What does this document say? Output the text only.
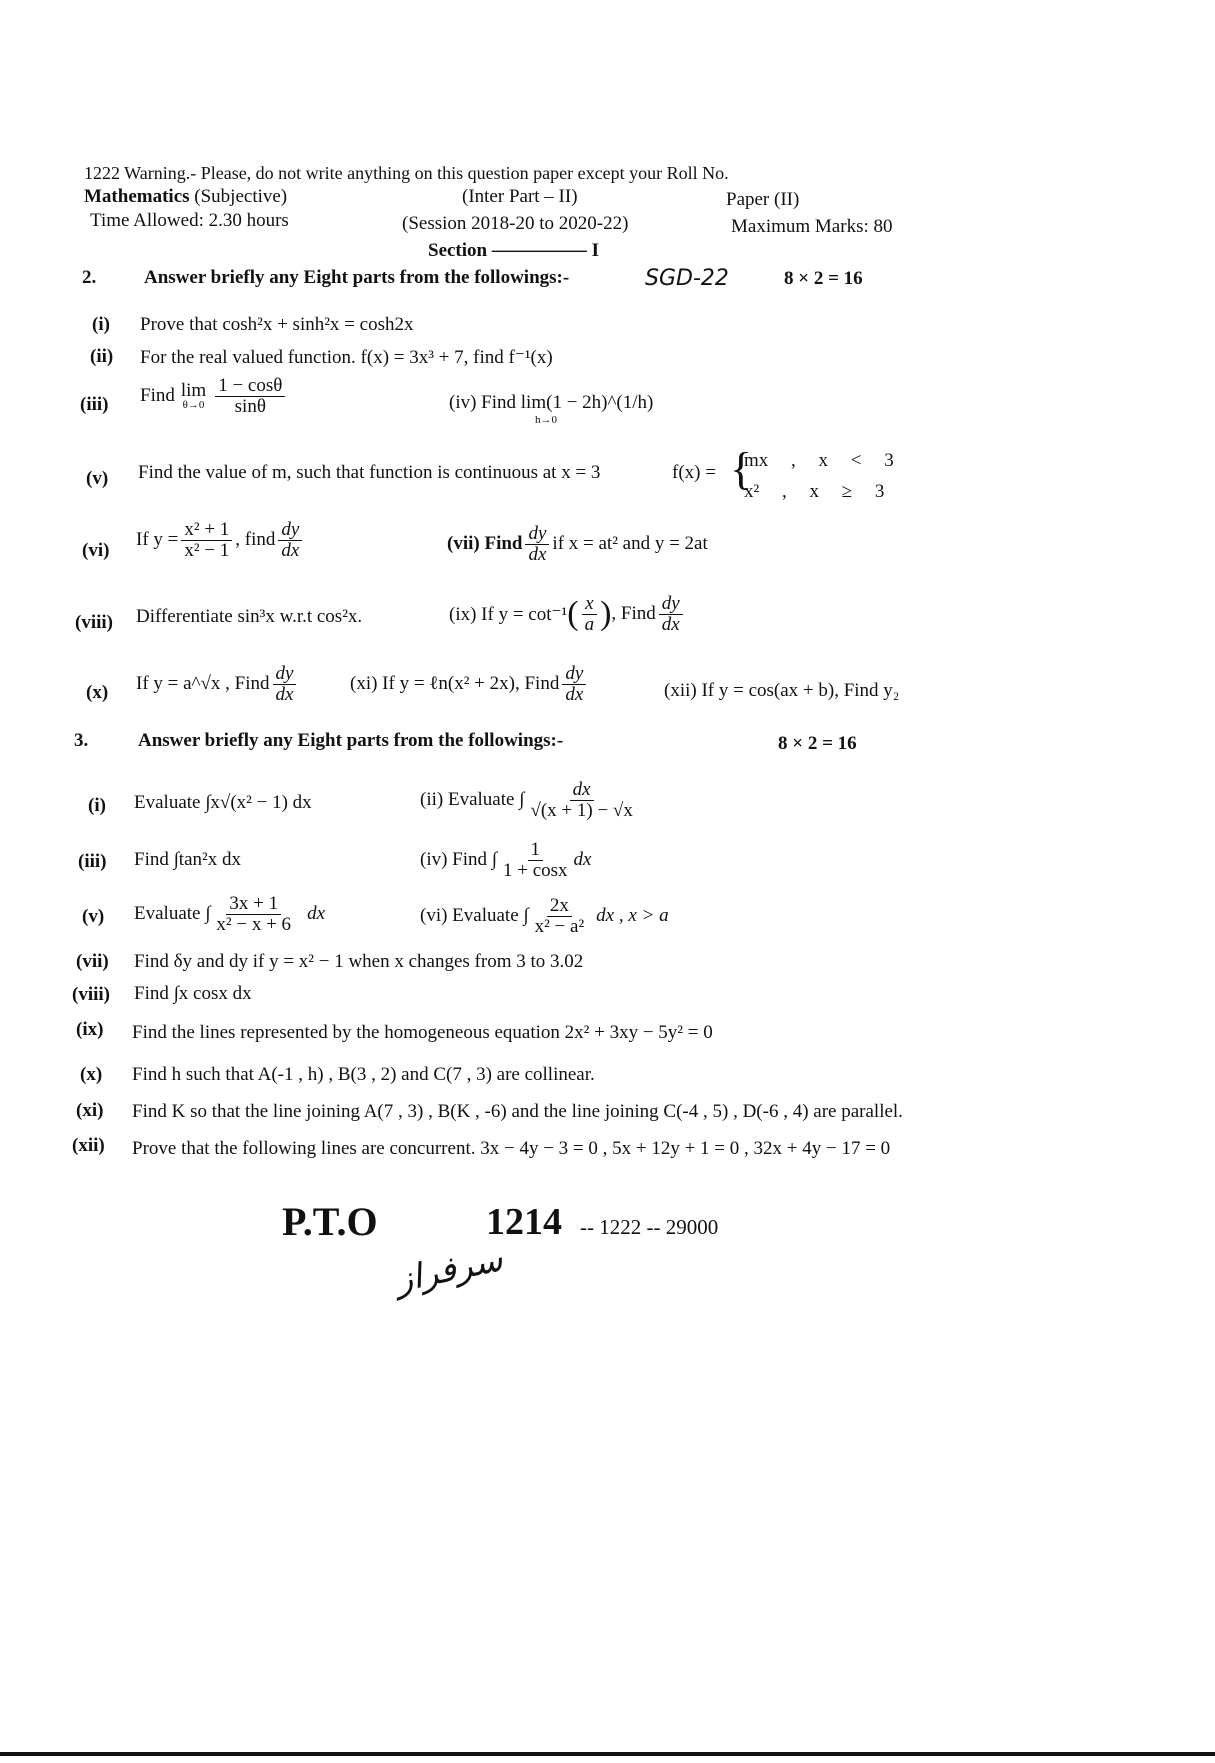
1222 Warning.- Please, do not write anything on this question paper except your Roll No.
Mathematics (Subjective)	(Inter Part – II)	Paper (II)
Time Allowed: 2.30 hours	(Session 2018-20 to 2020-22)	Maximum Marks: 80
Section ————— I
2.	Answer briefly any Eight parts from the followings:-	SGD-22	8 × 2 = 16
(i) Prove that cosh²x + sinh²x = cosh2x
(ii) For the real valued function. f(x) = 3x³ + 7, find f⁻¹(x)
(iii) Find lim
$\theta\to 0 \frac{1 - \cos\theta}{\sin\theta}$	(iv) Find lim(1 − 2h)^(1/h)
h→0
(v) Find the value of m, such that function is continuous at x = 3	f(x) = {
mx , x < 3
x² , x ≥ 3
(vi)
If $y = \frac{\text{x² + 1}}{\text{x² − 1}}$ , find $\frac{dy}{dx}$	(vii) Find $\frac{dy}{dx}$ if x = at² and y = 2at
(viii) Differentiate sin³x w.r.t cos²x.	(ix) If y = cot⁻¹ ( $\frac{x}{a}$ ) , Find $\frac{dy}{dx}$
(x) If y = a^√x , Find $\frac{dy}{dx}$	(xi) If y = ℓn(x² + 2x), Find $\frac{dy}{dx}$	(xii) If y = cos(ax + b), Find y₂
3.	Answer briefly any Eight parts from the followings:-	8 × 2 = 16
(i) Evaluate ∫x√(x² − 1) dx	(ii) Evaluate ∫ $\frac{dx}{√(x + 1) - √x}$
(iii) Find ∫tan²x dx	(iv) Find ∫ $\frac{1}{1 + \cos x}$ dx
(v) Evaluate ∫ $\frac{3x + 1}{\text{x² − x + 6}}$ dx	(vi) Evaluate ∫ $\frac{2x}{\text{x² − a²}}$ dx , x > a
(vii) Find δy and dy if y = x² − 1 when x changes from 3 to 3.02
(viii) Find ∫x cosx dx
(ix) Find the lines represented by the homogeneous equation 2x² + 3xy − 5y² = 0
(x) Find h such that A(-1 , h) , B(3 , 2) and C(7 , 3) are collinear.
(xi) Find K so that the line joining A(7 , 3) , B(K , -6) and the line joining C(-4 , 5) , D(-6 , 4) are parallel.
(xii) Prove that the following lines are concurrent. 3x − 4y − 3 = 0 , 5x + 12y + 1 = 0 , 32x + 4y − 17 = 0
P.T.O	1214 -- 1222 -- 29000
سرفراز
